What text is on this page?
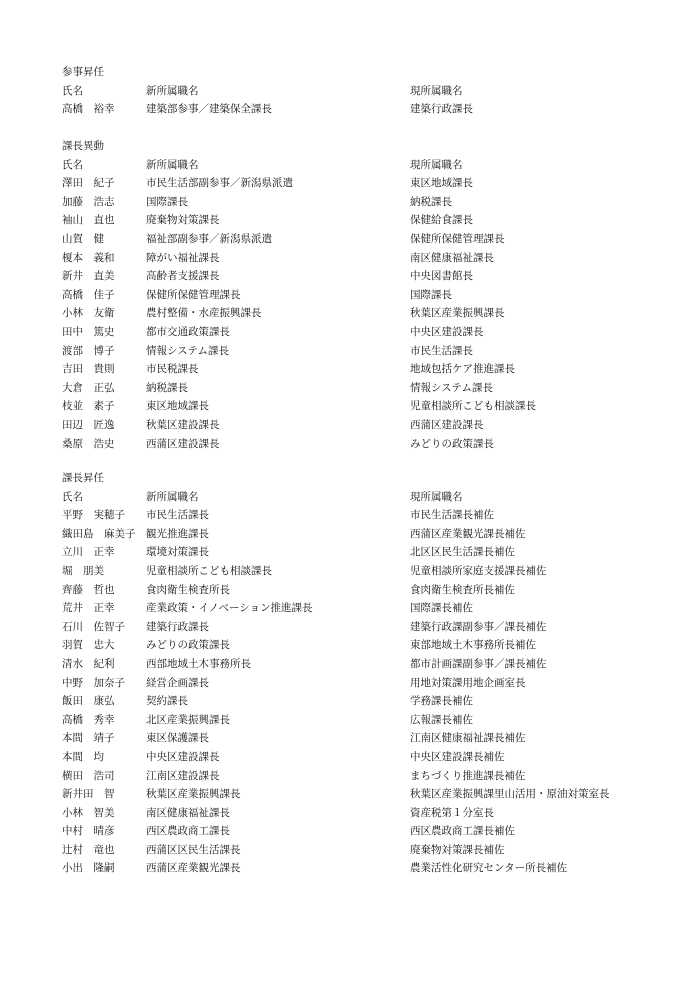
参事昇任
氏名	新所属職名	現所属職名
高橋　裕幸	建築部参事／建築保全課長	建築行政課長
課長異動
氏名	新所属職名	現所属職名
澤田　紀子	市民生活部副参事／新潟県派遣	東区地域課長
加藤　浩志	国際課長	納税課長
袖山　直也	廃棄物対策課長	保健給食課長
山賀　健	福祉部副参事／新潟県派遣	保健所保健管理課長
榎本　義和	障がい福祉課長	南区健康福祉課長
新井　直美	高齢者支援課長	中央図書館長
高橋　佳子	保健所保健管理課長	国際課長
小林　友衛	農村整備・水産振興課長	秋葉区産業振興課長
田中　篤史	都市交通政策課長	中央区建設課長
渡部　博子	情報システム課長	市民生活課長
吉田　貴則	市民税課長	地域包括ケア推進課長
大倉　正弘	納税課長	情報システム課長
枝並　素子	東区地域課長	児童相談所こども相談課長
田辺　匠逸	秋葉区建設課長	西蒲区建設課長
桑原　浩史	西蒲区建設課長	みどりの政策課長
課長昇任
氏名	新所属職名	現所属職名
平野　実穂子 市民生活課長	市民生活課長補佐
織田島　麻美子 観光推進課長	西蒲区産業観光課長補佐
立川　正幸	環境対策課長	北区区民生活課長補佐
堀　朋美	児童相談所こども相談課長	児童相談所家庭支援課長補佐
齊藤　哲也	食肉衛生検査所長	食肉衛生検査所長補佐
荒井　正幸	産業政策・イノベーション推進課長	国際課長補佐
石川　佐智子 建築行政課長	建築行政課副参事／課長補佐
羽賀　忠大	みどりの政策課長	東部地域土木事務所長補佐
清水　紀利	西部地域土木事務所長	都市計画課副参事／課長補佐
中野　加奈子 経営企画課長	用地対策課用地企画室長
飯田　康弘	契約課長	学務課長補佐
高橋　秀幸	北区産業振興課長	広報課長補佐
本間　靖子	東区保護課長	江南区健康福祉課長補佐
本間　均	中央区建設課長	中央区建設課長補佐
横田　浩司	江南区建設課長	まちづくり推進課長補佐
新井田　智	秋葉区産業振興課長	秋葉区産業振興課里山活用・原油対策室長
小林　智美	南区健康福祉課長	資産税第１分室長
中村　晴彦	西区農政商工課長	西区農政商工課長補佐
辻村　竜也	西蒲区区民生活課長	廃棄物対策課長補佐
小出　隆嗣	西蒲区産業観光課長	農業活性化研究センター所長補佐
